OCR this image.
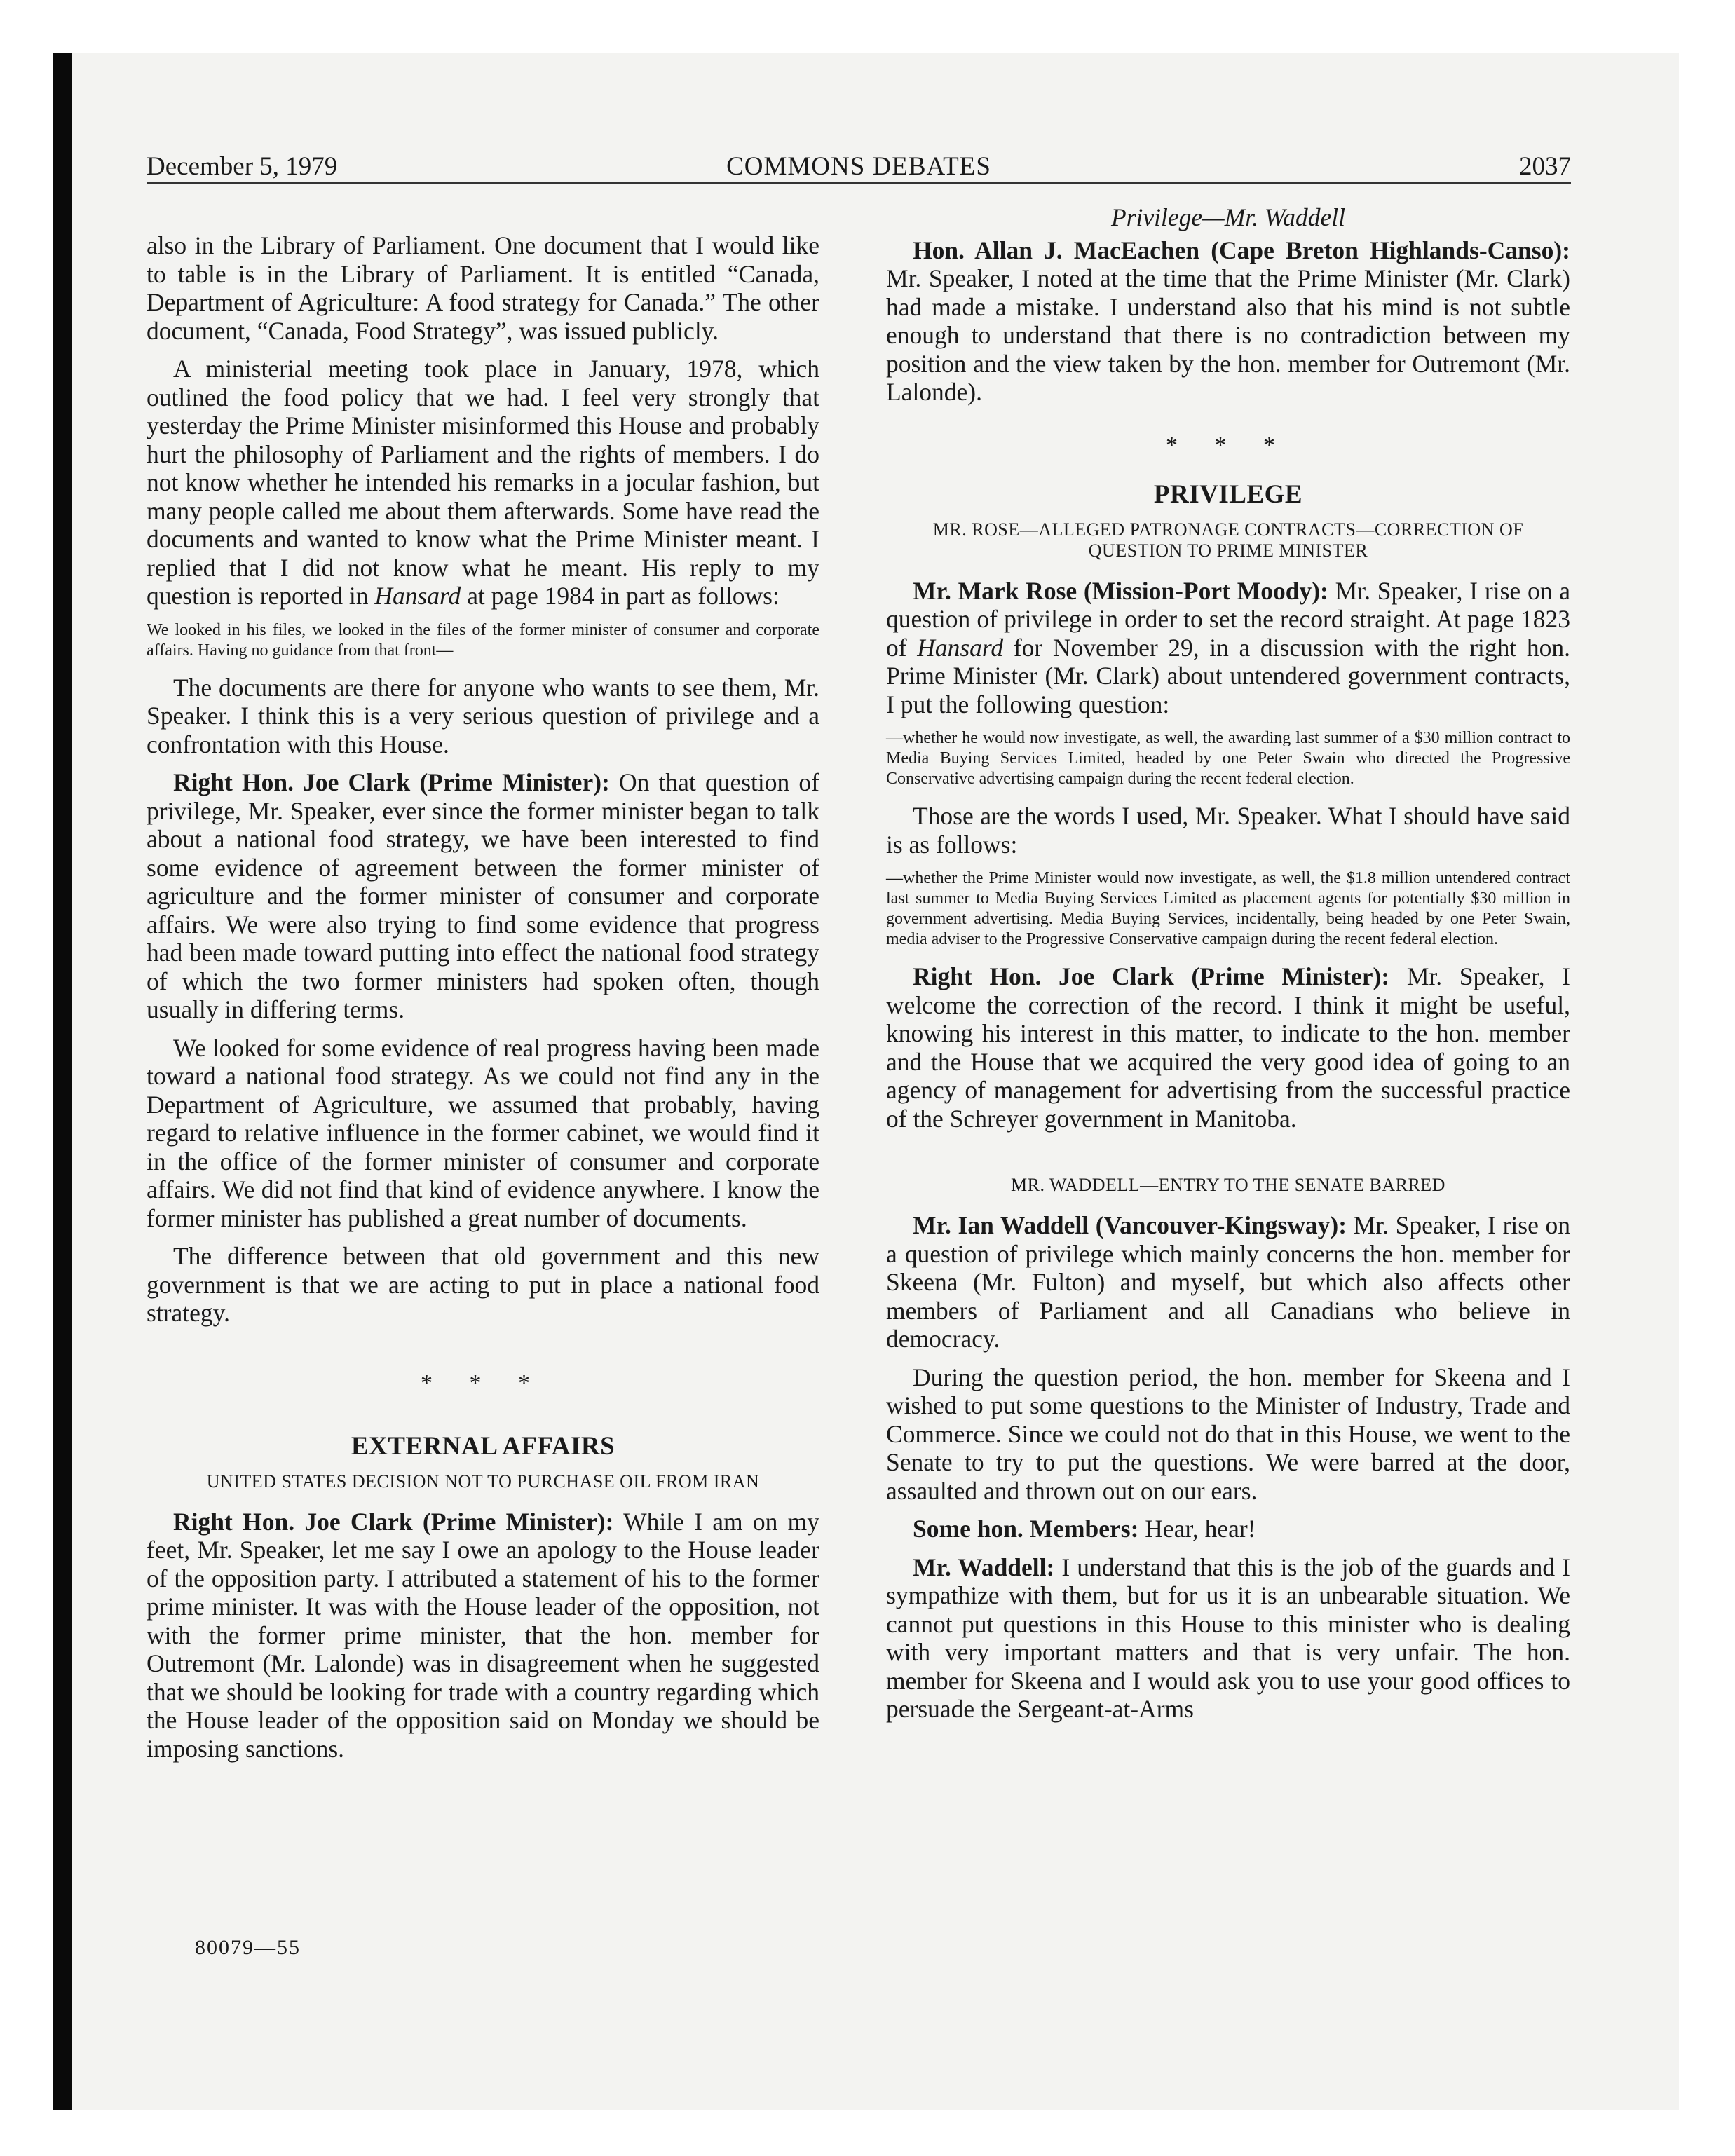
December 5, 1979	COMMONS DEBATES	2037

also in the Library of Parliament. One document that I would like to table is in the Library of Parliament. It is entitled “Canada, Department of Agriculture: A food strategy for Canada.” The other document, “Canada, Food Strategy”, was issued publicly.

A ministerial meeting took place in January, 1978, which outlined the food policy that we had. I feel very strongly that yesterday the Prime Minister misinformed this House and probably hurt the philosophy of Parliament and the rights of members. I do not know whether he intended his remarks in a jocular fashion, but many people called me about them afterwards. Some have read the documents and wanted to know what the Prime Minister meant. I replied that I did not know what he meant. His reply to my question is reported in Hansard at page 1984 in part as follows:

We looked in his files, we looked in the files of the former minister of consumer and corporate affairs. Having no guidance from that front—

The documents are there for anyone who wants to see them, Mr. Speaker. I think this is a very serious question of privilege and a confrontation with this House.

Right Hon. Joe Clark (Prime Minister): On that question of privilege, Mr. Speaker, ever since the former minister began to talk about a national food strategy, we have been interested to find some evidence of agreement between the former minister of agriculture and the former minister of consumer and corporate affairs. We were also trying to find some evidence that progress had been made toward putting into effect the national food strategy of which the two former ministers had spoken often, though usually in differing terms.

We looked for some evidence of real progress having been made toward a national food strategy. As we could not find any in the Department of Agriculture, we assumed that probably, having regard to relative influence in the former cabinet, we would find it in the office of the former minister of consumer and corporate affairs. We did not find that kind of evidence anywhere. I know the former minister has published a great number of documents.

The difference between that old government and this new government is that we are acting to put in place a national food strategy.

* * *
EXTERNAL AFFAIRS
UNITED STATES DECISION NOT TO PURCHASE OIL FROM IRAN

Right Hon. Joe Clark (Prime Minister): While I am on my feet, Mr. Speaker, let me say I owe an apology to the House leader of the opposition party. I attributed a statement of his to the former prime minister. It was with the House leader of the opposition, not with the former prime minister, that the hon. member for Outremont (Mr. Lalonde) was in disagreement when he suggested that we should be looking for trade with a country regarding which the House leader of the opposition said on Monday we should be imposing sanctions.

Privilege—Mr. Waddell

Hon. Allan J. MacEachen (Cape Breton Highlands-Canso): Mr. Speaker, I noted at the time that the Prime Minister (Mr. Clark) had made a mistake. I understand also that his mind is not subtle enough to understand that there is no contradiction between my position and the view taken by the hon. member for Outremont (Mr. Lalonde).

* * *
PRIVILEGE
MR. ROSE—ALLEGED PATRONAGE CONTRACTS—CORRECTION OF QUESTION TO PRIME MINISTER

Mr. Mark Rose (Mission-Port Moody): Mr. Speaker, I rise on a question of privilege in order to set the record straight. At page 1823 of Hansard for November 29, in a discussion with the right hon. Prime Minister (Mr. Clark) about untendered government contracts, I put the following question:

—whether he would now investigate, as well, the awarding last summer of a $30 million contract to Media Buying Services Limited, headed by one Peter Swain who directed the Progressive Conservative advertising campaign during the recent federal election.

Those are the words I used, Mr. Speaker. What I should have said is as follows:

—whether the Prime Minister would now investigate, as well, the $1.8 million untendered contract last summer to Media Buying Services Limited as placement agents for potentially $30 million in government advertising. Media Buying Services, incidentally, being headed by one Peter Swain, media adviser to the Progressive Conservative campaign during the recent federal election.

Right Hon. Joe Clark (Prime Minister): Mr. Speaker, I welcome the correction of the record. I think it might be useful, knowing his interest in this matter, to indicate to the hon. member and the House that we acquired the very good idea of going to an agency of management for advertising from the successful practice of the Schreyer government in Manitoba.

MR. WADDELL—ENTRY TO THE SENATE BARRED

Mr. Ian Waddell (Vancouver-Kingsway): Mr. Speaker, I rise on a question of privilege which mainly concerns the hon. member for Skeena (Mr. Fulton) and myself, but which also affects other members of Parliament and all Canadians who believe in democracy.

During the question period, the hon. member for Skeena and I wished to put some questions to the Minister of Industry, Trade and Commerce. Since we could not do that in this House, we went to the Senate to try to put the questions. We were barred at the door, assaulted and thrown out on our ears.

Some hon. Members: Hear, hear!

Mr. Waddell: I understand that this is the job of the guards and I sympathize with them, but for us it is an unbearable situation. We cannot put questions in this House to this minister who is dealing with very important matters and that is very unfair. The hon. member for Skeena and I would ask you to use your good offices to persuade the Sergeant-at-Arms

80079—55
